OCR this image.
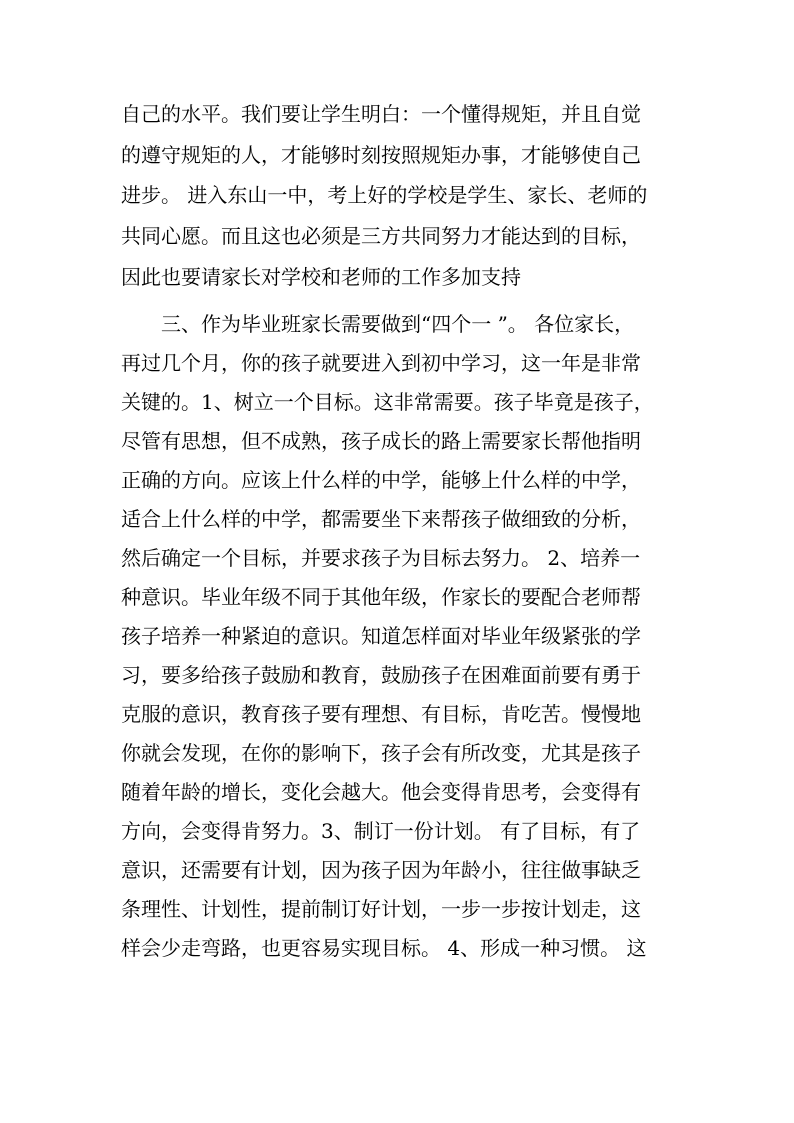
自己的水平。我们要让学生明白：一个懂得规矩，并且自觉
的遵守规矩的人，才能够时刻按照规矩办事，才能够使自己
进步。 进入东山一中，考上好的学校是学生、家长、老师的
共同心愿。而且这也必须是三方共同努力才能达到的目标，
因此也要请家长对学校和老师的工作多加支持
三、作为毕业班家长需要做到“四个一 ”。 各位家长，
再过几个月，你的孩子就要进入到初中学习，这一年是非常
关键的。1、树立一个目标。这非常需要。孩子毕竟是孩子，
尽管有思想，但不成熟，孩子成长的路上需要家长帮他指明
正确的方向。应该上什么样的中学，能够上什么样的中学，
适合上什么样的中学，都需要坐下来帮孩子做细致的分析，
然后确定一个目标，并要求孩子为目标去努力。 2、培养一
种意识。毕业年级不同于其他年级，作家长的要配合老师帮
孩子培养一种紧迫的意识。知道怎样面对毕业年级紧张的学
习，要多给孩子鼓励和教育，鼓励孩子在困难面前要有勇于
克服的意识，教育孩子要有理想、有目标，肯吃苦。慢慢地
你就会发现，在你的影响下，孩子会有所改变，尤其是孩子
随着年龄的增长，变化会越大。他会变得肯思考，会变得有
方向，会变得肯努力。3、制订一份计划。 有了目标，有了
意识，还需要有计划，因为孩子因为年龄小，往往做事缺乏
条理性、计划性，提前制订好计划，一步一步按计划走，这
样会少走弯路，也更容易实现目标。 4、形成一种习惯。 这
